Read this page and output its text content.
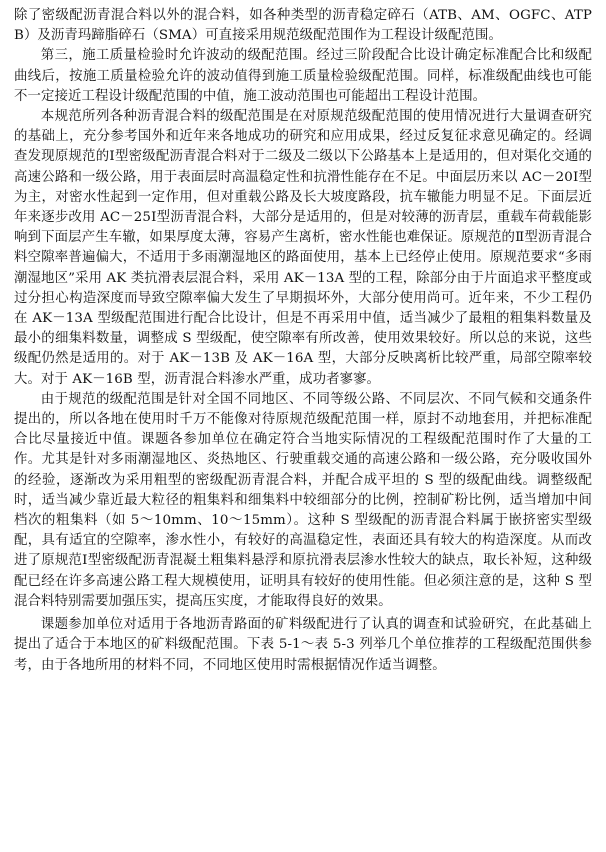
除了密级配沥青混合料以外的混合料，如各种类型的沥青稳定碎石（ATB、AM、OGFC、ATPB）及沥青玛蹄脂碎石（SMA）可直接采用规范级配范围作为工程设计级配范围。

第三，施工质量检验时允许波动的级配范围。经过三阶段配合比设计确定标准配合比和级配曲线后，按施工质量检验允许的波动值得到施工质量检验级配范围。同样，标准级配曲线也可能不一定接近工程设计级配范围的中值，施工波动范围也可能超出工程设计范围。

本规范所列各种沥青混合料的级配范围是在对原规范级配范围的使用情况进行大量调查研究的基础上，充分参考国外和近年来各地成功的研究和应用成果，经过反复征求意见确定的。经调查发现原规范的Ⅰ型密级配沥青混合料对于二级及二级以下公路基本上是适用的，但对渠化交通的高速公路和一级公路，用于表面层时高温稳定性和抗滑性能存在不足。中面层历来以 AC－20Ⅰ型为主，对密水性起到一定作用，但对重载公路及长大坡度路段，抗车辙能力明显不足。下面层近年来逐步改用 AC－25Ⅰ型沥青混合料，大部分是适用的，但是对较薄的沥青层，重载车荷载能影响到下面层产生车辙，如果厚度太薄，容易产生离析，密水性能也难保证。原规范的Ⅱ型沥青混合料空隙率普遍偏大，不适用于多雨潮湿地区的路面使用，基本上已经停止使用。原规范要求“多雨潮湿地区”采用 AK 类抗滑表层混合料，采用 AK－13A 型的工程，除部分由于片面追求平整度或过分担心构造深度而导致空隙率偏大发生了早期损坏外，大部分使用尚可。近年来，不少工程仍在 AK－13A 型级配范围进行配合比设计，但是不再采用中值，适当减少了最粗的粗集料数量及最小的细集料数量，调整成 S 型级配，使空隙率有所改善，使用效果较好。所以总的来说，这些级配仍然是适用的。对于 AK－13B 及 AK－16A 型，大部分反映离析比较严重，局部空隙率较大。对于 AK－16B 型，沥青混合料渗水严重，成功者寥寥。

由于规范的级配范围是针对全国不同地区、不同等级公路、不同层次、不同气候和交通条件提出的，所以各地在使用时千万不能像对待原规范级配范围一样，原封不动地套用，并把标准配合比尽量接近中值。课题各参加单位在确定符合当地实际情况的工程级配范围时作了大量的工作。尤其是针对多雨潮湿地区、炎热地区、行驶重载交通的高速公路和一级公路，充分吸收国外的经验，逐渐改为采用粗型的密级配沥青混合料，并配合成平坦的 S 型的级配曲线。调整级配时，适当减少靠近最大粒径的粗集料和细集料中较细部分的比例，控制矿粉比例，适当增加中间档次的粗集料（如 5～10mm、10～15mm）。这种 S 型级配的沥青混合料属于嵌挤密实型级配，具有适宜的空隙率，渗水性小，有较好的高温稳定性，表面还具有较大的构造深度。从而改进了原规范Ⅰ型密级配沥青混凝土粗集料悬浮和原抗滑表层渗水性较大的缺点，取长补短，这种级配已经在许多高速公路工程大规模使用，证明具有较好的使用性能。但必须注意的是，这种 S 型混合料特别需要加强压实，提高压实度，才能取得良好的效果。

课题参加单位对适用于各地沥青路面的矿料级配进行了认真的调查和试验研究，在此基础上提出了适合于本地区的矿料级配范围。下表 5-1～表 5-3 列举几个单位推荐的工程级配范围供参考，由于各地所用的材料不同，不同地区使用时需根据情况作适当调整。
